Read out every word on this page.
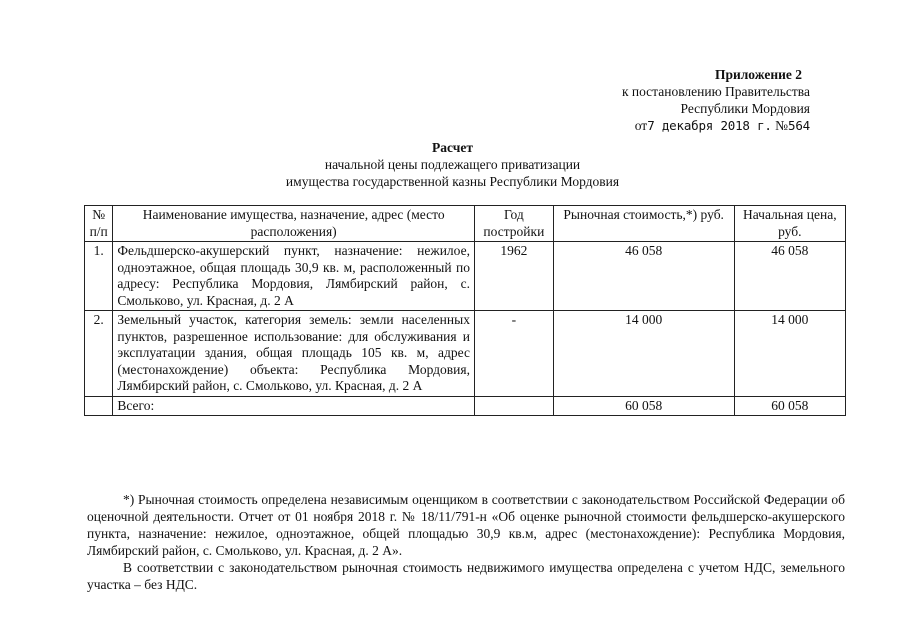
Приложение 2
к постановлению Правительства
Республики Мордовия
от7 декабря 2018 г. №564
Расчет
начальной цены подлежащего приватизации
имущества государственной казны Республики Мордовия
№ п/п	Наименование имущества, назначение, адрес (место расположения)	Год постройки	Рыночная стоимость,*) руб.	Начальная цена, руб.
1.	Фельдшерско-акушерский пункт, назначение: нежилое, одноэтажное, общая площадь 30,9 кв. м, расположенный по адресу: Республика Мордовия, Лямбирский район, с. Смольково, ул. Красная, д. 2 А	1962	46 058	46 058
2.	Земельный участок, категория земель: земли населенных пунктов, разрешенное использование: для обслуживания и эксплуатации здания, общая площадь 105 кв. м, адрес (местонахождение) объекта: Республика Мордовия, Лямбирский район, с. Смольково, ул. Красная, д. 2 А	-	14 000	14 000
	Всего:		60 058	60 058

*) Рыночная стоимость определена независимым оценщиком в соответствии с законодательством Российской Федерации об оценочной деятельности. Отчет от 01 ноября 2018 г. № 18/11/791-н «Об оценке рыночной стоимости фельдшерско-акушерского пункта, назначение: нежилое, одноэтажное, общей площадью 30,9 кв.м, адрес (местонахождение): Республика Мордовия, Лямбирский район, с. Смольково, ул. Красная, д. 2 А».

В соответствии с законодательством рыночная стоимость недвижимого имущества определена с учетом НДС, земельного участка – без НДС.
